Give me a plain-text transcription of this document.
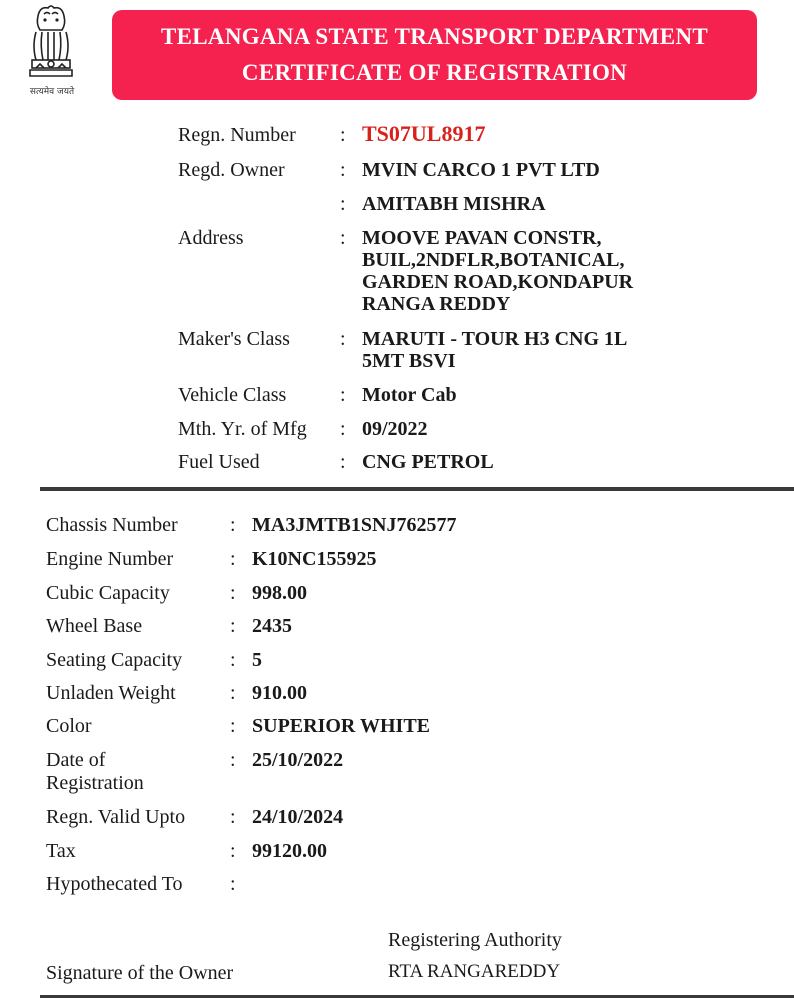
सत्यमेव जयते
TELANGANA STATE TRANSPORT DEPARTMENT
CERTIFICATE OF REGISTRATION
Regn. Number : TS07UL8917
Regd. Owner	: MVIN CARCO 1 PVT LTD
: AMITABH MISHRA
Address	: MOOVE PAVAN CONSTR,
BUIL,2NDFLR,BOTANICAL,
GARDEN ROAD,KONDAPUR
RANGA REDDY
Maker's Class	: MARUTI - TOUR H3 CNG 1L
5MT BSVI
Vehicle Class	: Motor Cab
Mth. Yr. of Mfg : 09/2022
Fuel Used	: CNG PETROL
Chassis Number	: MA3JMTB1SNJ762577
Engine Number	: K10NC155925
Cubic Capacity	: 998.00
Wheel Base	: 2435
Seating Capacity : 5
Unladen Weight	: 910.00
Color	: SUPERIOR WHITE
Date of
Registration
: 25/10/2022
Regn. Valid Upto : 24/10/2024
Tax	: 99120.00
Hypothecated To :
Registering Authority
RTA RANGAREDDY
Signature of the Owner
